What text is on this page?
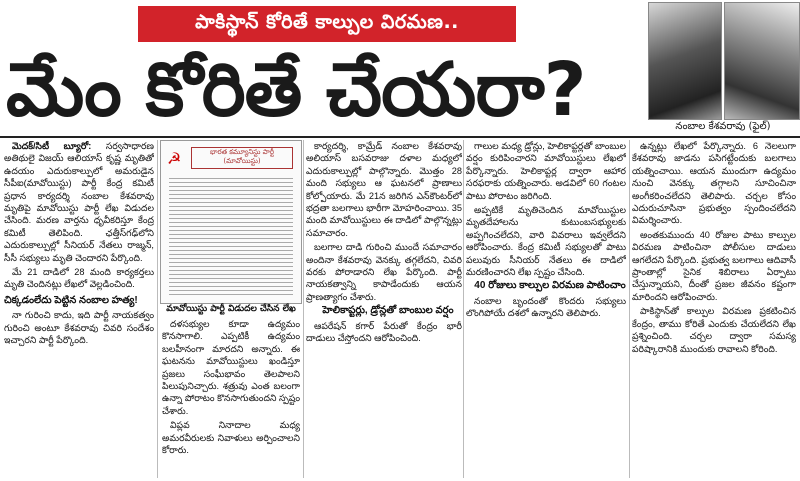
పాకిస్థాన్ కోరితే కాల్పుల విరమణ..
మేం కోరితే చేయరా?	నంబాల కేశవరావు (ఫైల్)

మెదక్/సిటీ బ్యూరో: సర్వసాధారణ అతిథులై విజయ్ ఆలియాస్ కృష్ణ మృతితో ఉదయం ఎదురుకాల్పులో అమరుడైన సీపీఐ(మావోయిస్టు) పార్టీ కేంద్ర కమిటీ ప్రధాన కార్యదర్శి నంబాల కేశవరావు మృతిపై మావోయిస్టు పార్టీ లేఖ విడుదల చేసింది. మరణ వార్తను ధృవీకరిస్తూ కేంద్ర కమిటీ తెలిపింది. ఛత్తీస్‌గఢ్‌లోని ఎదురుకాల్పుల్లో సీనియర్ నేతలు రాజ్మన్, సీసీ సభ్యులు మృతి చెందారని పేర్కొంది.

మే 21 దాడిలో 28 మంది కార్యకర్తలు మృతి చెందినట్లు లేఖలో వెల్లడించింది.

చిక్కడంలేదు పెట్టిన నంబాల హత్య!

నా గురించి కాదు, ఇది పార్టీ నాయకత్వం గురించి అంటూ కేశవరావు చివరి సందేశం ఇచ్చారని పార్టీ పేర్కొంది.

☭	భారత కమ్యూనిస్టు పార్టీ (మావోయిస్టు)
మావోయిస్టు పార్టీ విడుదల చేసిన లేఖ

దళసభ్యుల కూడా ఉద్యమం కొనసాగాలి. ఎప్పటికీ ఉద్యమం బలహీనంగా మారదని అన్నారు. ఈ ఘటనను మావోయిస్టులు ఖండిస్తూ ప్రజలు సంఘీభావం తెలపాలని పిలుపునిచ్చారు. శత్రువు ఎంత బలంగా ఉన్నా పోరాటం కొనసాగుతుందని స్పష్టం చేశారు.

విప్లవ నినాదాల మధ్య అమరవీరులకు నివాళులు అర్పించాలని కోరారు.

కార్యదర్శి, కామ్రేడ్ నంబాల కేశవరావు అలియాస్ బసవరాజు దళాల మధ్యలో ఎదురుకాల్పుల్లో పాల్గొన్నారు. మొత్తం 28 మంది సభ్యులు ఆ ఘటనలో ప్రాణాలు కోల్పోయారు. మే 21న జరిగిన ఎన్‌కౌంటర్‌లో భద్రతా బలగాలు భారీగా మోహరించాయి. 35 మంది మావోయిస్టులు ఈ దాడిలో పాల్గొన్నట్లు సమాచారం.

బలగాల దాడి గురించి ముందే సమాచారం అందినా కేశవరావు వెనక్కు తగ్గలేదని, చివరి వరకు పోరాడారని లేఖ పేర్కొంది. పార్టీ నాయకత్వాన్ని కాపాడేందుకు ఆయన ప్రాణత్యాగం చేశారు.

హెలికాప్టర్లు, డ్రోన్లతో బాంబుల వర్షం

ఆపరేషన్ కగార్ పేరుతో కేంద్రం భారీ దాడులు చేస్తోందని ఆరోపించింది.

గాలుల మధ్య డ్రోన్లు, హెలికాప్టర్లతో బాంబుల వర్షం కురిపించారని మావోయిస్టులు లేఖలో పేర్కొన్నారు. హెలికాప్టర్ల ద్వారా ఆహార సరఫరాకు యత్నించారు. అడవిలో 60 గంటల పాటు పోరాటం జరిగింది.

అప్పటికే మృతిచెందిన మావోయిస్టుల మృతదేహాలను కుటుంబసభ్యులకు అప్పగించలేదని, వారి వివరాలు ఇవ్వలేదని ఆరోపించారు. కేంద్ర కమిటీ సభ్యులతో పాటు పలువురు సీనియర్ నేతలు ఈ దాడిలో మరణించారని లేఖ స్పష్టం చేసింది.

40 రోజులు కాల్పుల విరమణ పాటించాం

నంబాల బృందంతో కొందరు సభ్యులు లొంగిపోయే దశలో ఉన్నారని తెలిపారు.

ఉన్నట్లు లేఖలో పేర్కొన్నారు. 6 నెలలుగా కేశవరావు జాడను పసిగట్టేందుకు బలగాలు యత్నించాయి. ఆయన ముందుగా ఉద్యమం నుంచి వెనక్కు తగ్గాలని సూచించినా అంగీకరించలేదని తెలిపారు. చర్చల కోసం ఎదురుచూసినా ప్రభుత్వం స్పందించలేదని విమర్శించారు.

అంతకుముందు 40 రోజుల పాటు కాల్పుల విరమణ పాటించినా పోలీసుల దాడులు ఆగలేదని పేర్కొంది. ప్రభుత్వ బలగాలు ఆదివాసీ ప్రాంతాల్లో సైనిక శిబిరాలు ఏర్పాటు చేస్తున్నాయని, దీంతో ప్రజల జీవనం కష్టంగా మారిందని ఆరోపించారు.

పాకిస్థాన్‌తో కాల్పుల విరమణ ప్రకటించిన కేంద్రం, తాము కోరితే ఎందుకు చేయలేదని లేఖ ప్రశ్నించింది. చర్చల ద్వారా సమస్య పరిష్కారానికి ముందుకు రావాలని కోరింది.
